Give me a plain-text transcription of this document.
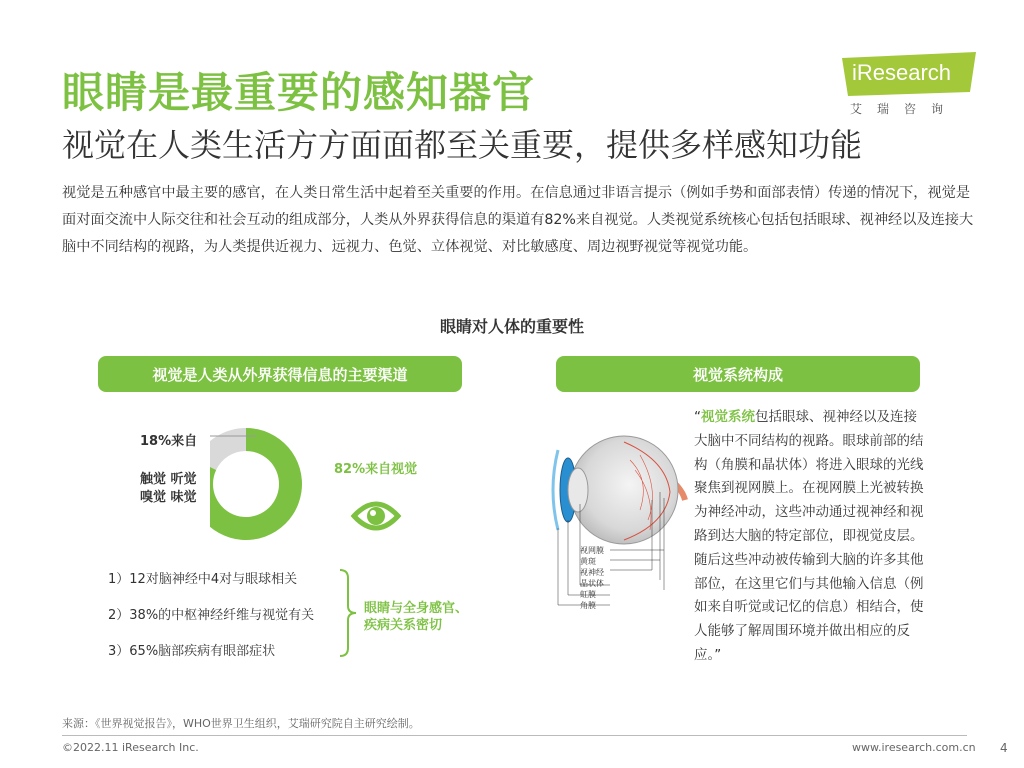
眼睛是最重要的感知器官
视觉在人类生活方方面面都至关重要，提供多样感知功能
iResearch
艾瑞咨询
视觉是五种感官中最主要的感官，在人类日常生活中起着至关重要的作用。在信息通过非语言提示（例如手势和面部表情）传递的情况下，视觉是面对面交流中人际交往和社会互动的组成部分，人类从外界获得信息的渠道有82%来自视觉。人类视觉系统核心包括包括眼球、视神经以及连接大脑中不同结构的视路，为人类提供近视力、远视力、色觉、立体视觉、对比敏感度、周边视野视觉等视觉功能。
眼睛对人体的重要性
视觉是人类从外界获得信息的主要渠道	视觉系统构成
18%来自
触觉 听觉
嗅觉 味觉
82%来自视觉
1）12对脑神经中4对与眼球相关
2）38%的中枢神经纤维与视觉有关
3）65%脑部疾病有眼部症状
眼睛与全身感官、
疾病关系密切
视网膜
黄斑
视神经
晶状体
虹膜
角膜
“视觉系统包括眼球、视神经以及连接大脑中不同结构的视路。眼球前部的结构（角膜和晶状体）将进入眼球的光线聚焦到视网膜上。在视网膜上光被转换为神经冲动，这些冲动通过视神经和视路到达大脑的特定部位，即视觉皮层。随后这些冲动被传输到大脑的许多其他部位，在这里它们与其他输入信息（例如来自听觉或记忆的信息）相结合，使人能够了解周围环境并做出相应的反应。”
来源：《世界视觉报告》，WHO世界卫生组织，艾瑞研究院自主研究绘制。
©2022.11 iResearch Inc.	www.iresearch.com.cn 4
